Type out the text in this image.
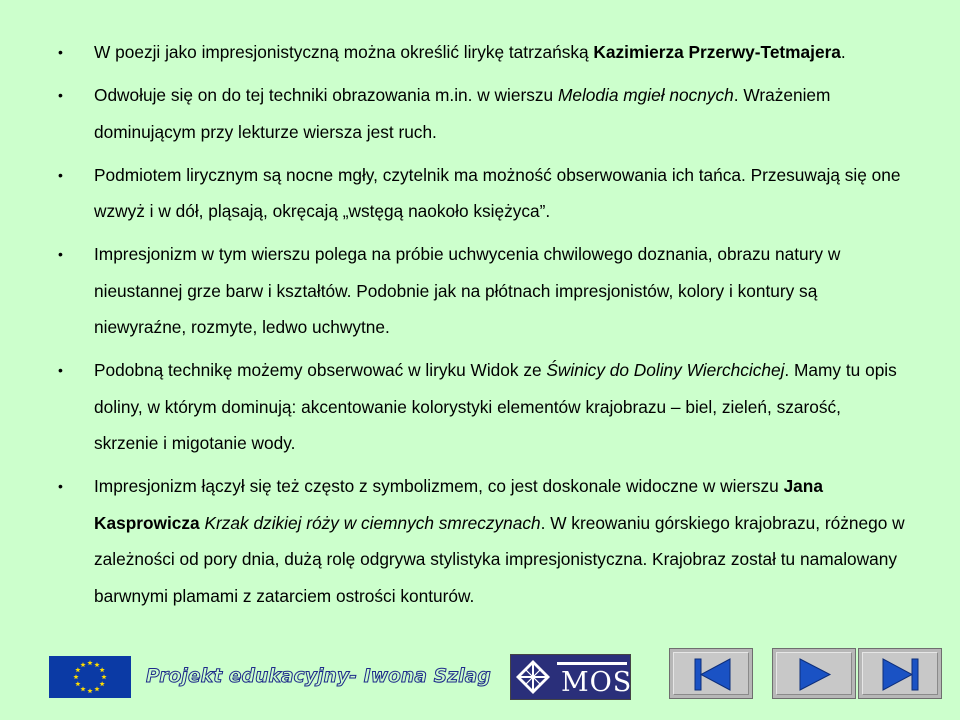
• W poezji jako impresjonistyczną można określić lirykę tatrzańską Kazimierza Przerwy-Tetmajera.
• Odwołuje się on do tej techniki obrazowania m.in. w wierszu Melodia mgieł nocnych. Wrażeniem dominującym przy lekturze wiersza jest ruch.
• Podmiotem lirycznym są nocne mgły, czytelnik ma możność obserwowania ich tańca. Przesuwają się one wzwyż i w dół, pląsają, okręcają „wstęgą naokoło księżyca”.
• Impresjonizm w tym wierszu polega na próbie uchwycenia chwilowego doznania, obrazu natury w nieustannej grze barw i kształtów. Podobnie jak na płótnach impresjonistów, kolory i kontury są niewyraźne, rozmyte, ledwo uchwytne.
• Podobną technikę możemy obserwować w liryku Widok ze Świnicy do Doliny Wierchcichej. Mamy tu opis doliny, w którym dominują: akcentowanie kolorystyki elementów krajobrazu – biel, zieleń, szarość, skrzenie i migotanie wody.
• Impresjonizm łączył się też często z symbolizmem, co jest doskonale widoczne w wierszu Jana Kasprowicza Krzak dzikiej róży w ciemnych smreczynach. W kreowaniu górskiego krajobrazu, różnego w zależności od pory dnia, dużą rolę odgrywa stylistyka impresjonistyczna. Krajobraz został tu namalowany barwnymi plamami z zatarciem ostrości konturów.
Projekt edukacyjny- Iwona Szlag	MOS
